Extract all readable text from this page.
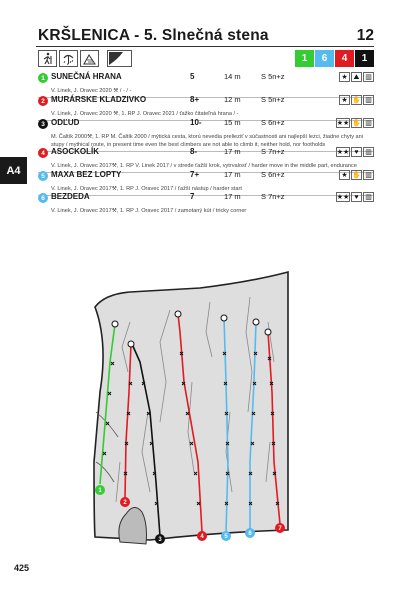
KRŠLENICA - 5. Slnečná stena	12
1	6	4	1
A4
1 SUNEČNÁ HRANA	5	14 m	S 5n+z	★ ⛰ ▥
V. Linek, J. Oravec 2020 ⚒ / - / -
2 MURÁRSKE KLADZIVKO	8+	12 m	S 5n+z	★ ✋ ▥
V. Linek, J. Oravec 2020 ⚒, 1. RP J. Oravec 2021 / ťažko čitateľná hrana / -
3 ODĽUD	10-	15 m	S 6n+z	★★ ✋ ▥
M. Čaltík 2000⚒, 1. RP M. Čaltík 2000 / mýtická cesta, ktorú nevedia prelieziť v súčastnosti ani najlepší lezci, žiadne chyty ani stupy / mythical route, in present time even the best climbers are not able to climb it, neither hold, nor footholds
4 ASOCKOLÍK	8-	17 m	S 7n+z	★★ ♥ ▥
V. Linek, J. Oravec 2017⚒, 1. RP V. Linek 2017 / v strede ťažší krok, vytrvalosť / harder move in the middle part, endurance
5 MAXA BEZ LOPTY	7+	17 m	S 6n+z	★ ✋ ▥
V. Linek, J. Oravec 2017⚒, 1. RP J. Oravec 2017 / ťažší nástup / harder start
6 BEZDEDA	7	17 m	S 7n+z	★★ ♥ ▥
V. Linek, J. Oravec 2017⚒, 1. RP J. Oravec 2017 / zamotaný kút / tricky corner
1
2
3	4	5	6
7
425
